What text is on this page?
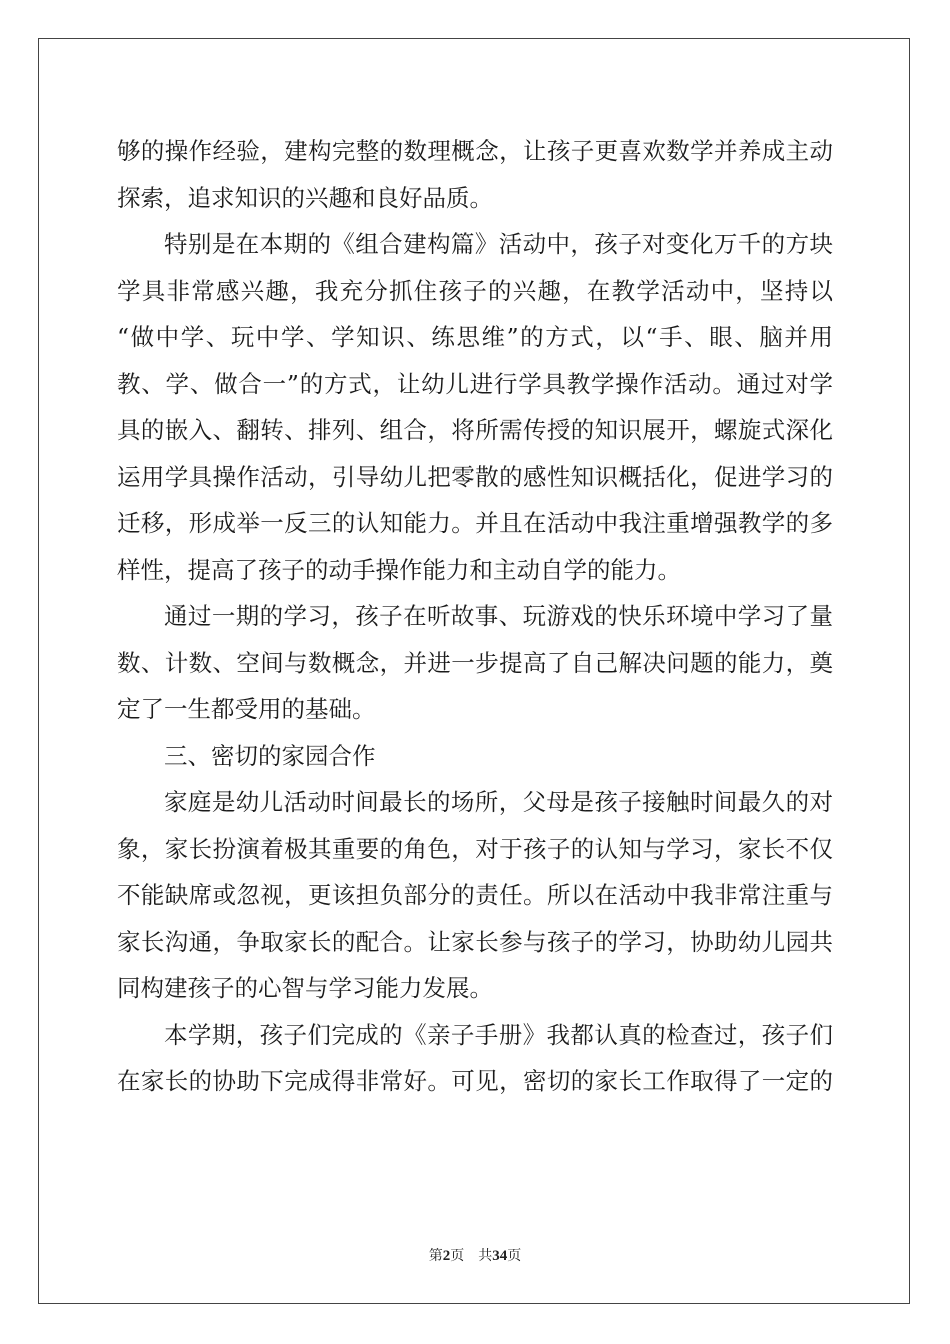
够的操作经验，建构完整的数理概念，让孩子更喜欢数学并养成主动
探索，追求知识的兴趣和良好品质。
特别是在本期的《组合建构篇》活动中，孩子对变化万千的方块
学具非常感兴趣，我充分抓住孩子的兴趣，在教学活动中，坚持以
“做中学、玩中学、学知识、练思维”的方式，以“手、眼、脑并用
教、学、做合一”的方式，让幼儿进行学具教学操作活动。通过对学
具的嵌入、翻转、排列、组合，将所需传授的知识展开，螺旋式深化
运用学具操作活动，引导幼儿把零散的感性知识概括化，促进学习的
迁移，形成举一反三的认知能力。并且在活动中我注重增强教学的多
样性，提高了孩子的动手操作能力和主动自学的能力。
通过一期的学习，孩子在听故事、玩游戏的快乐环境中学习了量
数、计数、空间与数概念，并进一步提高了自己解决问题的能力，奠
定了一生都受用的基础。
三、密切的家园合作
家庭是幼儿活动时间最长的场所，父母是孩子接触时间最久的对
象，家长扮演着极其重要的角色，对于孩子的认知与学习，家长不仅
不能缺席或忽视，更该担负部分的责任。所以在活动中我非常注重与
家长沟通，争取家长的配合。让家长参与孩子的学习，协助幼儿园共
同构建孩子的心智与学习能力发展。
本学期，孩子们完成的《亲子手册》我都认真的检查过，孩子们
在家长的协助下完成得非常好。可见，密切的家长工作取得了一定的
第2页 共34页
